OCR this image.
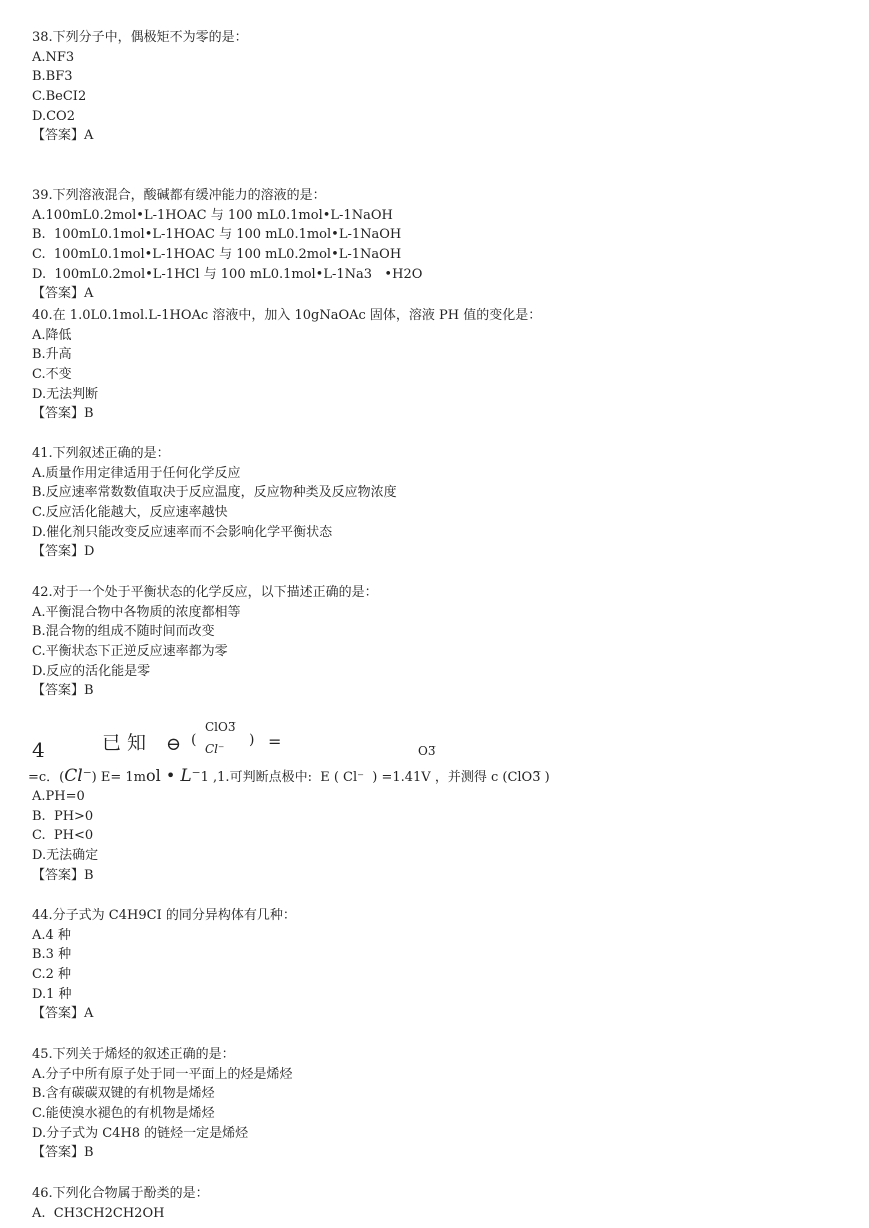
38.下列分子中，偶极矩不为零的是：
A.NF3
B.BF3
C.BeCI2
D.CO2
【答案】A
39.下列溶液混合，酸碱都有缓冲能力的溶液的是：
A.100mL0.2mol•L-1HOAC 与 100 mL0.1mol•L-1NaOH
B.  100mL0.1mol•L-1HOAC 与 100 mL0.1mol•L-1NaOH
C.  100mL0.1mol•L-1HOAC 与 100 mL0.2mol•L-1NaOH
D.  100mL0.2mol•L-1HCl 与 100 mL0.1mol•L-1Na3   •H2O
【答案】A
40.在 1.0L0.1mol.L-1HOAc 溶液中，加入 10gNaOAc 固体，溶液 PH 值的变化是：
A.降低
B.升高
C.不变
D.无法判断
【答案】B
41.下列叙述正确的是：
A.质量作用定律适用于任何化学反应
B.反应速率常数数值取决于反应温度，反应物种类及反应物浓度
C.反应活化能越大，反应速率越快
D.催化剂只能改变反应速率而不会影响化学平衡状态
【答案】D
42.对于一个处于平衡状态的化学反应，以下描述正确的是：
A.平衡混合物中各物质的浓度都相等
B.混合物的组成不随时间而改变
C.平衡状态下正逆反应速率都为零
D.反应的活化能是零
【答案】B
4	已知 ⊖ (
ClO3̅
Cl⁻
) =	O3̅
=c．(Cl⁻) E= 1mol • L⁻1 ,1.可判断点极中:  E ( Cl⁻  ) =1.41V ，并测得 c (ClO3̅ )
A.PH=0
B.  PH>0
C.  PH<0
D.无法确定
【答案】B
44.分子式为 C4H9CI 的同分异构体有几种：
A.4 种
B.3 种
C.2 种
D.1 种
【答案】A
45.下列关于烯烃的叙述正确的是：
A.分子中所有原子处于同一平面上的烃是烯烃
B.含有碳碳双键的有机物是烯烃
C.能使溴水褪色的有机物是烯烃
D.分子式为 C4H8 的链烃一定是烯烃
【答案】B
46.下列化合物属于酚类的是：
A.  CH3CH2CH2OH
